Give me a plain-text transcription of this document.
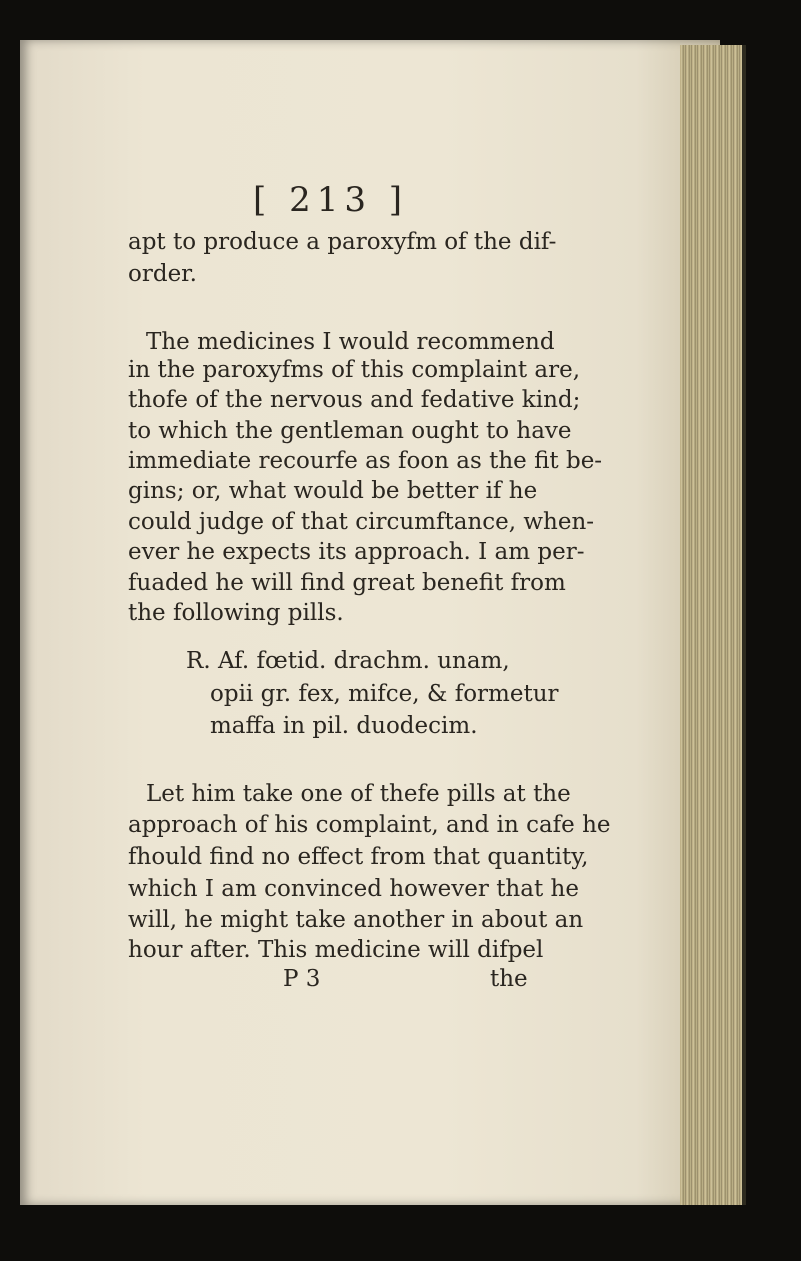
[ 213 ]
apt to produce a paroxyfm of the dif-
order.
The medicines I would recommend
in the paroxyfms of this complaint are,
thofe of the nervous and fedative kind;
to which the gentleman ought to have
immediate recourfe as foon as the fit be-
gins; or, what would be better if he
could judge of that circumftance, when-
ever he expects its approach. I am per-
fuaded he will find great benefit from
the following pills.
R. Af. fœtid. drachm. unam,
opii gr. fex, mifce, & formetur
maffa in pil. duodecim.
Let him take one of thefe pills at the
approach of his complaint, and in cafe he
fhould find no effect from that quantity,
which I am convinced however that he
will, he might take another in about an
hour after. This medicine will difpel
P 3	the
